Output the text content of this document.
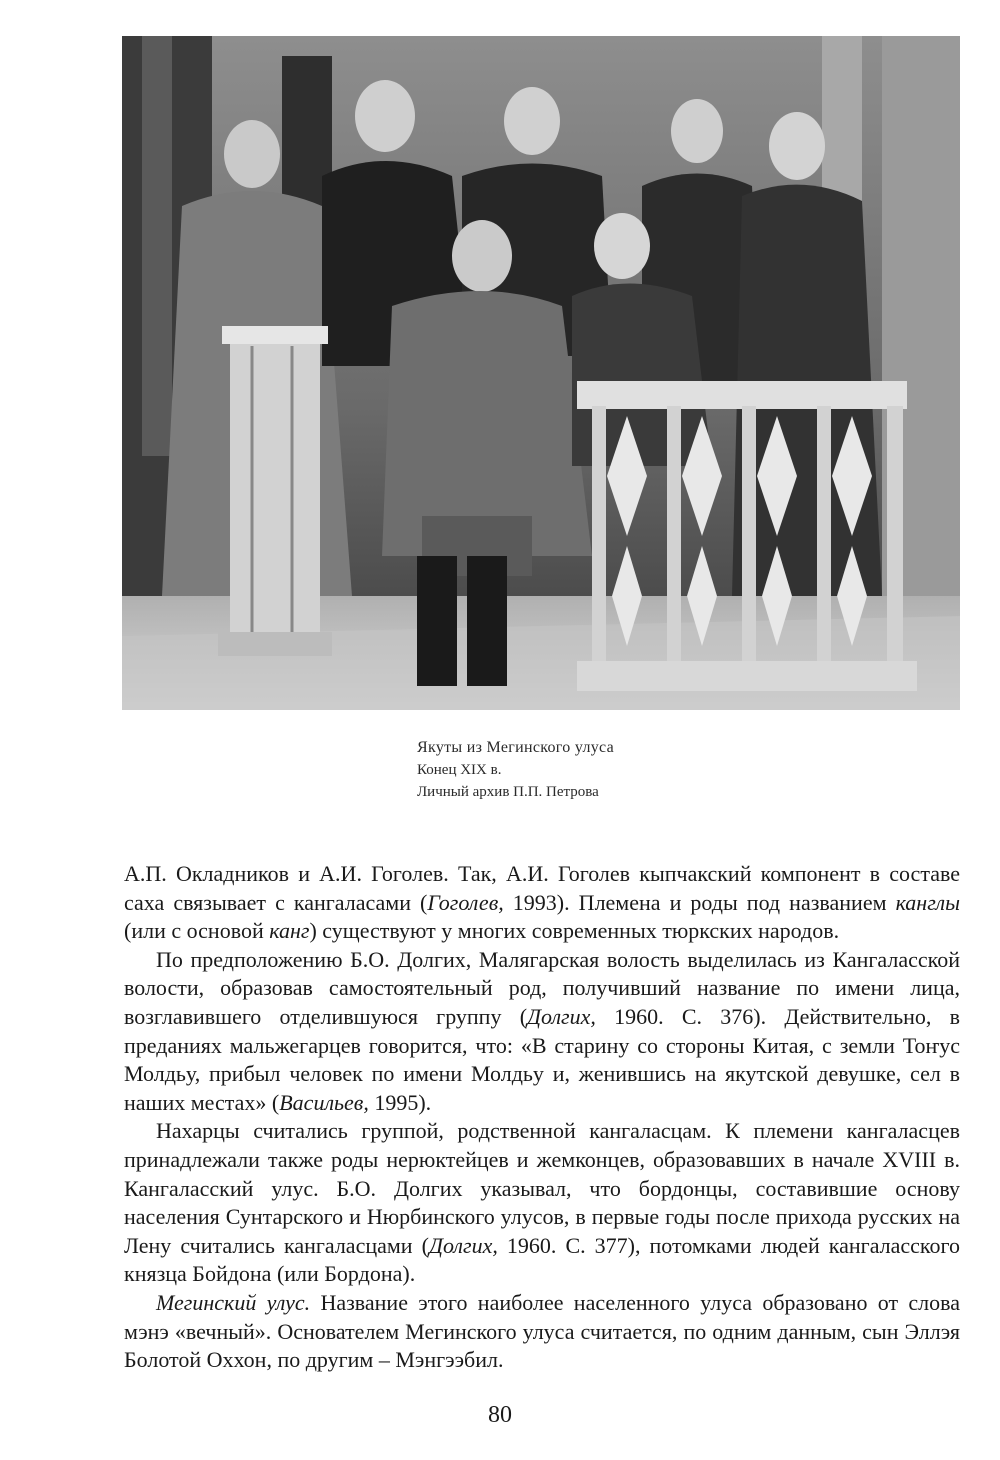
Якуты из Мегинского улуса
Конец XIX в.
Личный архив П.П. Петрова

А.П. Окладников и А.И. Гоголев. Так, А.И. Гоголев кыпчакский компонент в составе саха связывает с кангаласами (Гоголев, 1993). Племена и роды под названием канглы (или с основой канг) существуют у многих современных тюркских народов.

По предположению Б.О. Долгих, Малягарская волость выделилась из Кангаласской волости, образовав самостоятельный род, получивший название по имени лица, возглавившего отделившуюся группу (Долгих, 1960. С. 376). Действительно, в преданиях мальжегарцев говорится, что: «В старину со стороны Китая, с земли Тоҥус Молдьу, прибыл человек по имени Молдьу и, женившись на якутской девушке, сел в наших местах» (Васильев, 1995).

Нахарцы считались группой, родственной кангаласцам. К племени кангаласцев принадлежали также роды нерюктейцев и жемконцев, образовавших в начале XVIII в. Кангаласский улус. Б.О. Долгих указывал, что бордонцы, составившие основу населения Сунтарского и Нюрбинского улусов, в первые годы после прихода русских на Лену считались кангаласцами (Долгих, 1960. С. 377), потомками людей кангаласского князца Бойдона (или Бордона).

Мегинский улус. Название этого наиболее населенного улуса образовано от слова мэнэ «вечный». Основателем Мегинского улуса считается, по одним данным, сын Эллэя Болотой Оххон, по другим – Мэнгээбил.

80
